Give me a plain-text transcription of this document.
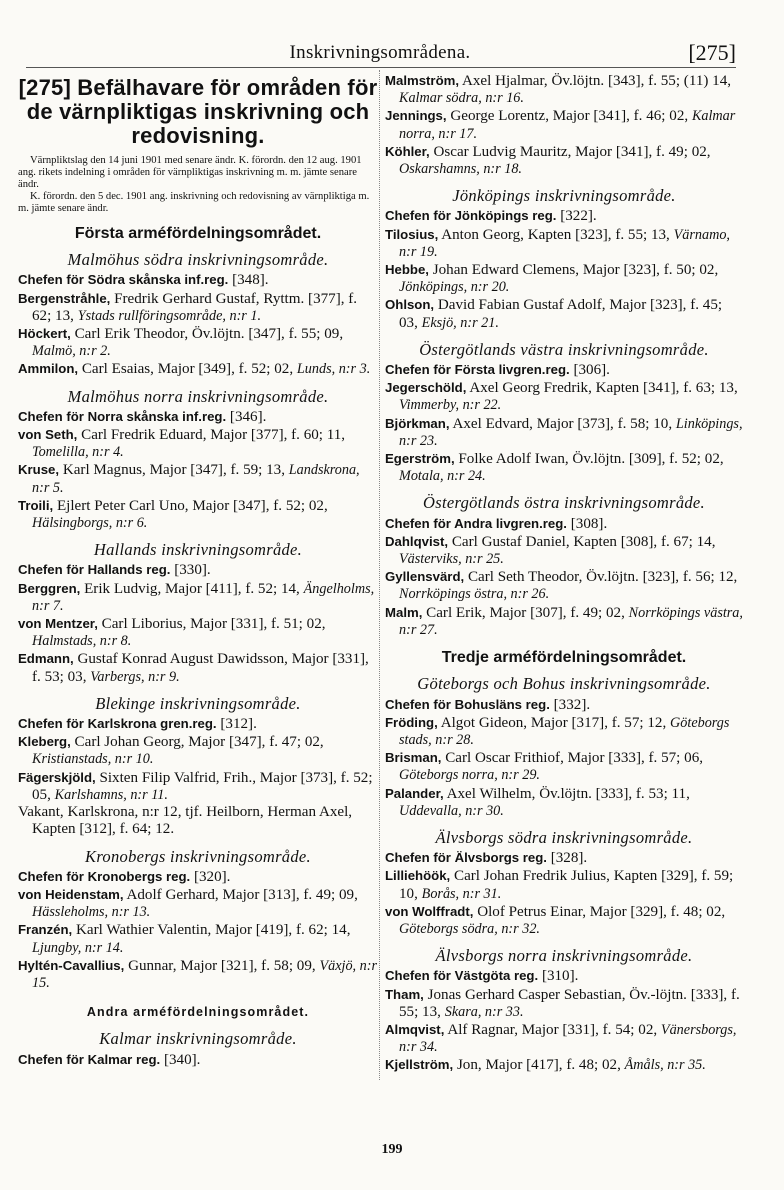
Inskrivningsområdena.	[275]
[275] Befälhavare för områden för de värnpliktigas inskrivning och redovisning.

Värnpliktslag den 14 juni 1901 med senare ändr. K. förordn. den 12 aug. 1901 ang. rikets indelning i områden för värnpliktigas inskrivning m. m. jämte senare ändr.

K. förordn. den 5 dec. 1901 ang. inskrivning och redovisning av värnpliktiga m. m. jämte senare ändr.

Första arméfördelningsområdet.
Malmöhus södra inskrivningsområde.

Chefen för Södra skånska inf.reg. [348].

Bergenstråhle, Fredrik Gerhard Gustaf, Ryttm. [377], f. 62; 13, Ystads rullföringsområde, n:r 1.

Höckert, Carl Erik Theodor, Öv.löjtn. [347], f. 55; 09, Malmö, n:r 2.

Ammilon, Carl Esaias, Major [349], f. 52; 02, Lunds, n:r 3.

Malmöhus norra inskrivningsområde.

Chefen för Norra skånska inf.reg. [346].

von Seth, Carl Fredrik Eduard, Major [377], f. 60; 11, Tomelilla, n:r 4.

Kruse, Karl Magnus, Major [347], f. 59; 13, Landskrona, n:r 5.

Troili, Ejlert Peter Carl Uno, Major [347], f. 52; 02, Hälsingborgs, n:r 6.

Hallands inskrivningsområde.

Chefen för Hallands reg. [330].

Berggren, Erik Ludvig, Major [411], f. 52; 14, Ängelholms, n:r 7.

von Mentzer, Carl Liborius, Major [331], f. 51; 02, Halmstads, n:r 8.

Edmann, Gustaf Konrad August Dawidsson, Major [331], f. 53; 03, Varbergs, n:r 9.

Blekinge inskrivningsområde.

Chefen för Karlskrona gren.reg. [312].

Kleberg, Carl Johan Georg, Major [347], f. 47; 02, Kristianstads, n:r 10.

Fägerskjöld, Sixten Filip Valfrid, Frih., Major [373], f. 52; 05, Karlshamns, n:r 11.

Vakant, Karlskrona, n:r 12, tjf. Heilborn, Herman Axel, Kapten [312], f. 64; 12.

Kronobergs inskrivningsområde.

Chefen för Kronobergs reg. [320].

von Heidenstam, Adolf Gerhard, Major [313], f. 49; 09, Hässleholms, n:r 13.

Franzén, Karl Wathier Valentin, Major [419], f. 62; 14, Ljungby, n:r 14.

Hyltén-Cavallius, Gunnar, Major [321], f. 58; 09, Växjö, n:r 15.

Andra arméfördelningsområdet.
Kalmar inskrivningsområde.

Chefen för Kalmar reg. [340].

Malmström, Axel Hjalmar, Öv.löjtn. [343], f. 55; (11) 14, Kalmar södra, n:r 16.

Jennings, George Lorentz, Major [341], f. 46; 02, Kalmar norra, n:r 17.

Köhler, Oscar Ludvig Mauritz, Major [341], f. 49; 02, Oskarshamns, n:r 18.

Jönköpings inskrivningsområde.

Chefen för Jönköpings reg. [322].

Tilosius, Anton Georg, Kapten [323], f. 55; 13, Värnamo, n:r 19.

Hebbe, Johan Edward Clemens, Major [323], f. 50; 02, Jönköpings, n:r 20.

Ohlson, David Fabian Gustaf Adolf, Major [323], f. 45; 03, Eksjö, n:r 21.

Östergötlands västra inskrivningsområde.

Chefen för Första livgren.reg. [306].

Jegerschöld, Axel Georg Fredrik, Kapten [341], f. 63; 13, Vimmerby, n:r 22.

Björkman, Axel Edvard, Major [373], f. 58; 10, Linköpings, n:r 23.

Egerström, Folke Adolf Iwan, Öv.löjtn. [309], f. 52; 02, Motala, n:r 24.

Östergötlands östra inskrivningsområde.

Chefen för Andra livgren.reg. [308].

Dahlqvist, Carl Gustaf Daniel, Kapten [308], f. 67; 14, Västerviks, n:r 25.

Gyllensvärd, Carl Seth Theodor, Öv.löjtn. [323], f. 56; 12, Norrköpings östra, n:r 26.

Malm, Carl Erik, Major [307], f. 49; 02, Norrköpings västra, n:r 27.

Tredje arméfördelningsområdet.
Göteborgs och Bohus inskrivningsområde.

Chefen för Bohusläns reg. [332].

Fröding, Algot Gideon, Major [317], f. 57; 12, Göteborgs stads, n:r 28.

Brisman, Carl Oscar Frithiof, Major [333], f. 57; 06, Göteborgs norra, n:r 29.

Palander, Axel Wilhelm, Öv.löjtn. [333], f. 53; 11, Uddevalla, n:r 30.

Älvsborgs södra inskrivningsområde.

Chefen för Älvsborgs reg. [328].

Lilliehöök, Carl Johan Fredrik Julius, Kapten [329], f. 59; 10, Borås, n:r 31.

von Wolffradt, Olof Petrus Einar, Major [329], f. 48; 02, Göteborgs södra, n:r 32.

Älvsborgs norra inskrivningsområde.

Chefen för Västgöta reg. [310].

Tham, Jonas Gerhard Casper Sebastian, Öv.-löjtn. [333], f. 55; 13, Skara, n:r 33.

Almqvist, Alf Ragnar, Major [331], f. 54; 02, Vänersborgs, n:r 34.

Kjellström, Jon, Major [417], f. 48; 02, Åmåls, n:r 35.

199
